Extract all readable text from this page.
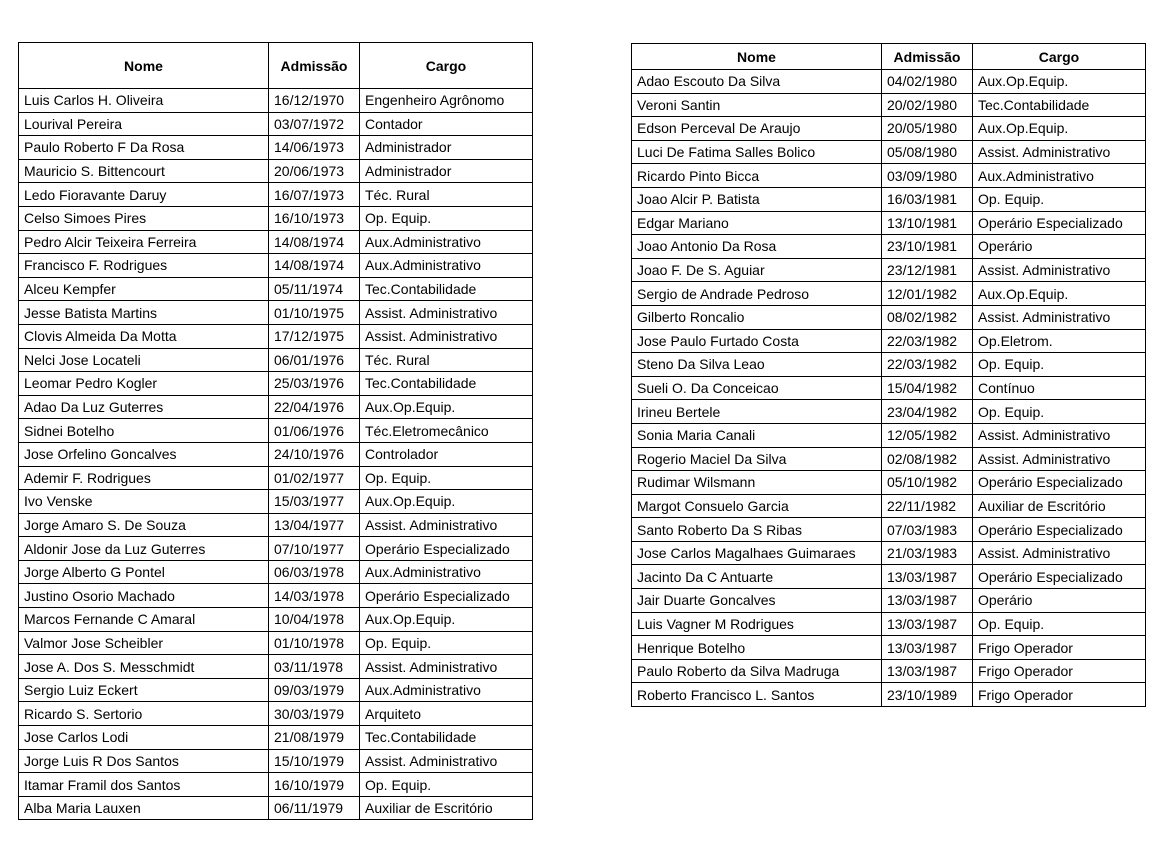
Nome	Admissão	Cargo
Luis Carlos H. Oliveira	16/12/1970	Engenheiro Agrônomo
Lourival Pereira	03/07/1972	Contador
Paulo Roberto F Da Rosa	14/06/1973	Administrador
Mauricio S. Bittencourt	20/06/1973	Administrador
Ledo Fioravante Daruy	16/07/1973	Téc. Rural
Celso Simoes Pires	16/10/1973	Op. Equip.
Pedro Alcir Teixeira Ferreira	14/08/1974	Aux.Administrativo
Francisco F. Rodrigues	14/08/1974	Aux.Administrativo
Alceu Kempfer	05/11/1974	Tec.Contabilidade
Jesse Batista Martins	01/10/1975	Assist. Administrativo
Clovis Almeida Da Motta	17/12/1975	Assist. Administrativo
Nelci Jose Locateli	06/01/1976	Téc. Rural
Leomar Pedro Kogler	25/03/1976	Tec.Contabilidade
Adao Da Luz Guterres	22/04/1976	Aux.Op.Equip.
Sidnei Botelho	01/06/1976	Téc.Eletromecânico
Jose Orfelino Goncalves	24/10/1976	Controlador
Ademir F. Rodrigues	01/02/1977	Op. Equip.
Ivo Venske	15/03/1977	Aux.Op.Equip.
Jorge Amaro S. De Souza	13/04/1977	Assist. Administrativo
Aldonir Jose da Luz Guterres	07/10/1977	Operário Especializado
Jorge Alberto G Pontel	06/03/1978	Aux.Administrativo
Justino Osorio Machado	14/03/1978	Operário Especializado
Marcos Fernande C Amaral	10/04/1978	Aux.Op.Equip.
Valmor Jose Scheibler	01/10/1978	Op. Equip.
Jose A. Dos S. Messchmidt	03/11/1978	Assist. Administrativo
Sergio Luiz Eckert	09/03/1979	Aux.Administrativo
Ricardo S. Sertorio	30/03/1979	Arquiteto
Jose Carlos Lodi	21/08/1979	Tec.Contabilidade
Jorge Luis R Dos Santos	15/10/1979	Assist. Administrativo
Itamar Framil dos Santos	16/10/1979	Op. Equip.
Alba Maria Lauxen	06/11/1979	Auxiliar de Escritório
Nome	Admissão	Cargo
Adao Escouto Da Silva	04/02/1980	Aux.Op.Equip.
Veroni Santin	20/02/1980	Tec.Contabilidade
Edson Perceval De Araujo	20/05/1980	Aux.Op.Equip.
Luci De Fatima Salles Bolico	05/08/1980	Assist. Administrativo
Ricardo Pinto Bicca	03/09/1980	Aux.Administrativo
Joao Alcir P. Batista	16/03/1981	Op. Equip.
Edgar Mariano	13/10/1981	Operário Especializado
Joao Antonio Da Rosa	23/10/1981	Operário
Joao F. De S. Aguiar	23/12/1981	Assist. Administrativo
Sergio de Andrade Pedroso	12/01/1982	Aux.Op.Equip.
Gilberto Roncalio	08/02/1982	Assist. Administrativo
Jose Paulo Furtado Costa	22/03/1982	Op.Eletrom.
Steno Da Silva Leao	22/03/1982	Op. Equip.
Sueli O. Da Conceicao	15/04/1982	Contínuo
Irineu Bertele	23/04/1982	Op. Equip.
Sonia Maria Canali	12/05/1982	Assist. Administrativo
Rogerio Maciel Da Silva	02/08/1982	Assist. Administrativo
Rudimar Wilsmann	05/10/1982	Operário Especializado
Margot Consuelo Garcia	22/11/1982	Auxiliar de Escritório
Santo Roberto Da S Ribas	07/03/1983	Operário Especializado
Jose Carlos Magalhaes Guimaraes	21/03/1983	Assist. Administrativo
Jacinto Da C Antuarte	13/03/1987	Operário Especializado
Jair Duarte Goncalves	13/03/1987	Operário
Luis Vagner M Rodrigues	13/03/1987	Op. Equip.
Henrique Botelho	13/03/1987	Frigo Operador
Paulo Roberto da Silva Madruga	13/03/1987	Frigo Operador
Roberto Francisco L. Santos	23/10/1989	Frigo Operador
